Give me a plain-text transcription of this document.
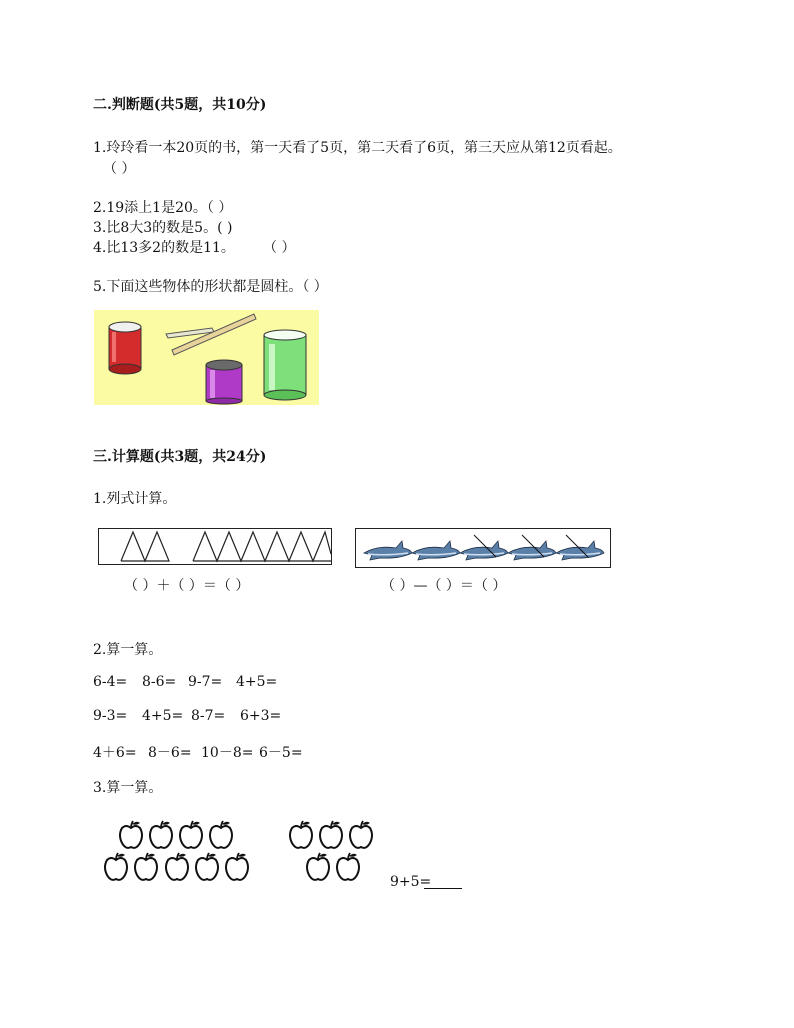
二.判断题(共5题，共10分)
1.玲玲看一本20页的书，第一天看了5页，第二天看了6页，第三天应从第12页看起。
（ ）
2.19添上1是20。（ ）
3.比8大3的数是5。( )
4.比13多2的数是11。 （ ）
5.下面这些物体的形状都是圆柱。（ ）
三.计算题(共3题，共24分)
1.列式计算。
（ ）＋（ ）＝（ ）	（ ）—（ ）＝（ ）
2.算一算。
6-4= 8-6= 9-7= 4+5=
9-3= 4+5= 8-7= 6+3=
4＋6= 8－6= 10－8= 6－5=
3.算一算。
9+5=
